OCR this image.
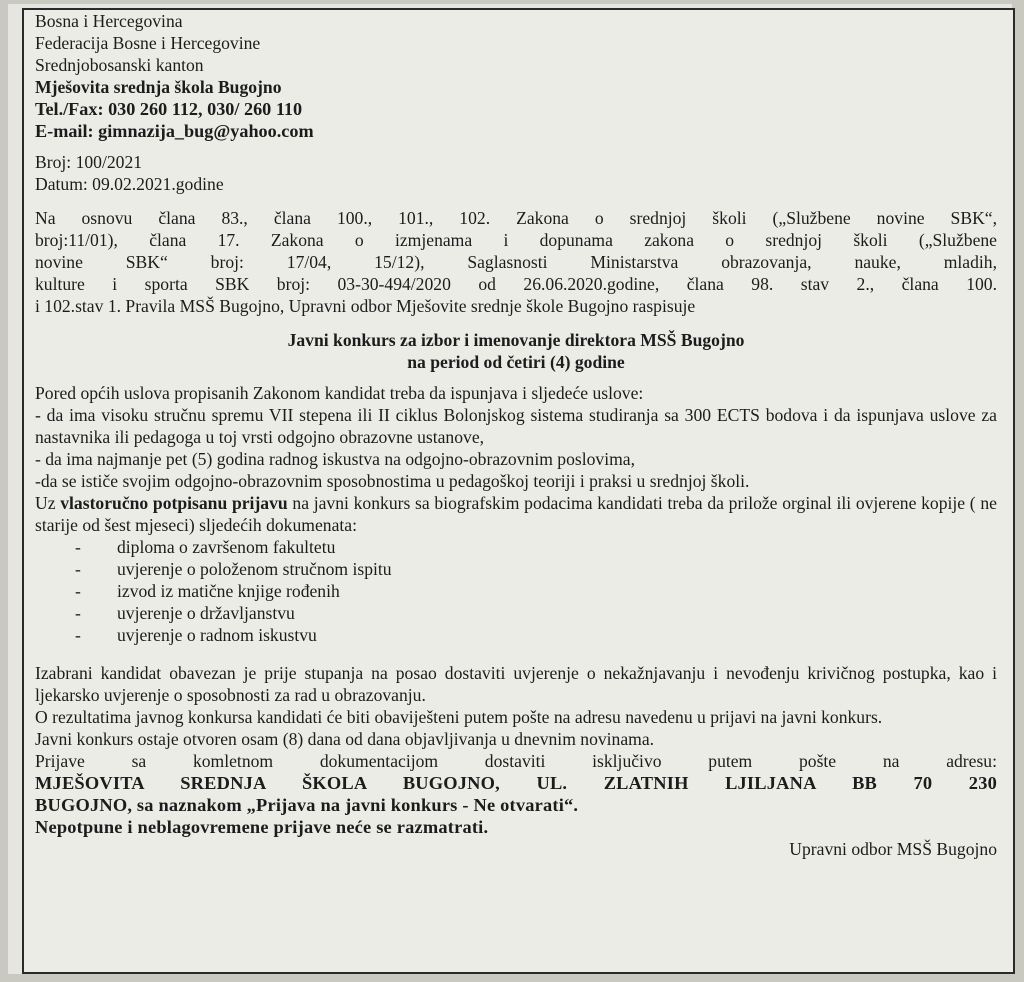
Bosna i Hercegovina

Federacija Bosne i Hercegovine

Srednjobosanski kanton

Mješovita srednja škola Bugojno

Tel./Fax: 030 260 112, 030/ 260 110

E-mail: gimnazija_bug@yahoo.com

Broj: 100/2021

Datum: 09.02.2021.godine

Na osnovu člana 83., člana 100., 101., 102. Zakona o srednjoj školi („Službene novine SBK“,

broj:11/01), člana 17. Zakona o izmjenama i dopunama zakona o srednjoj školi („Službene

novine SBK“ broj: 17/04, 15/12), Saglasnosti Ministarstva obrazovanja, nauke, mladih,

kulture i sporta SBK broj: 03-30-494/2020 od 26.06.2020.godine, člana 98. stav 2., člana 100.

i 102.stav 1. Pravila MSŠ Bugojno, Upravni odbor Mješovite srednje škole Bugojno raspisuje

Javni konkurs za izbor i imenovanje direktora MSŠ Bugojno

na period od četiri (4) godine

Pored općih uslova propisanih Zakonom kandidat treba da ispunjava i sljedeće uslove:

- da ima visoku stručnu spremu VII stepena ili II ciklus Bolonjskog sistema studiranja sa 300 ECTS bodova i da ispunjava uslove za nastavnika ili pedagoga u toj vrsti odgojno obrazovne ustanove,

- da ima najmanje pet (5) godina radnog iskustva na odgojno-obrazovnim poslovima,

-da se ističe svojim odgojno-obrazovnim sposobnostima u pedagoškoj teoriji i praksi u srednjoj školi.

Uz vlastoručno potpisanu prijavu na javni konkurs sa biografskim podacima kandidati treba da prilože orginal ili ovjerene kopije ( ne starije od šest mjeseci) sljedećih dokumenata:

- diploma o završenom fakultetu
- uvjerenje o položenom stručnom ispitu
- izvod iz matične knjige rođenih
- uvjerenje o državljanstvu
- uvjerenje o radnom iskustvu

Izabrani kandidat obavezan je prije stupanja na posao dostaviti uvjerenje o nekažnjavanju i nevođenju krivičnog postupka, kao i ljekarsko uvjerenje o sposobnosti za rad u obrazovanju.

O rezultatima javnog konkursa kandidati će biti obaviješteni putem pošte na adresu navedenu u prijavi na javni konkurs.

Javni konkurs ostaje otvoren osam (8) dana od dana objavljivanja u dnevnim novinama.

Prijave sa komletnom dokumentacijom dostaviti isključivo putem pošte na adresu:

MJEŠOVITA SREDNJA ŠKOLA BUGOJNO, UL. ZLATNIH LJILJANA BB 70 230

BUGOJNO, sa naznakom „Prijava na javni konkurs - Ne otvarati“.

Nepotpune i neblagovremene prijave neće se razmatrati.

Upravni odbor MSŠ Bugojno
